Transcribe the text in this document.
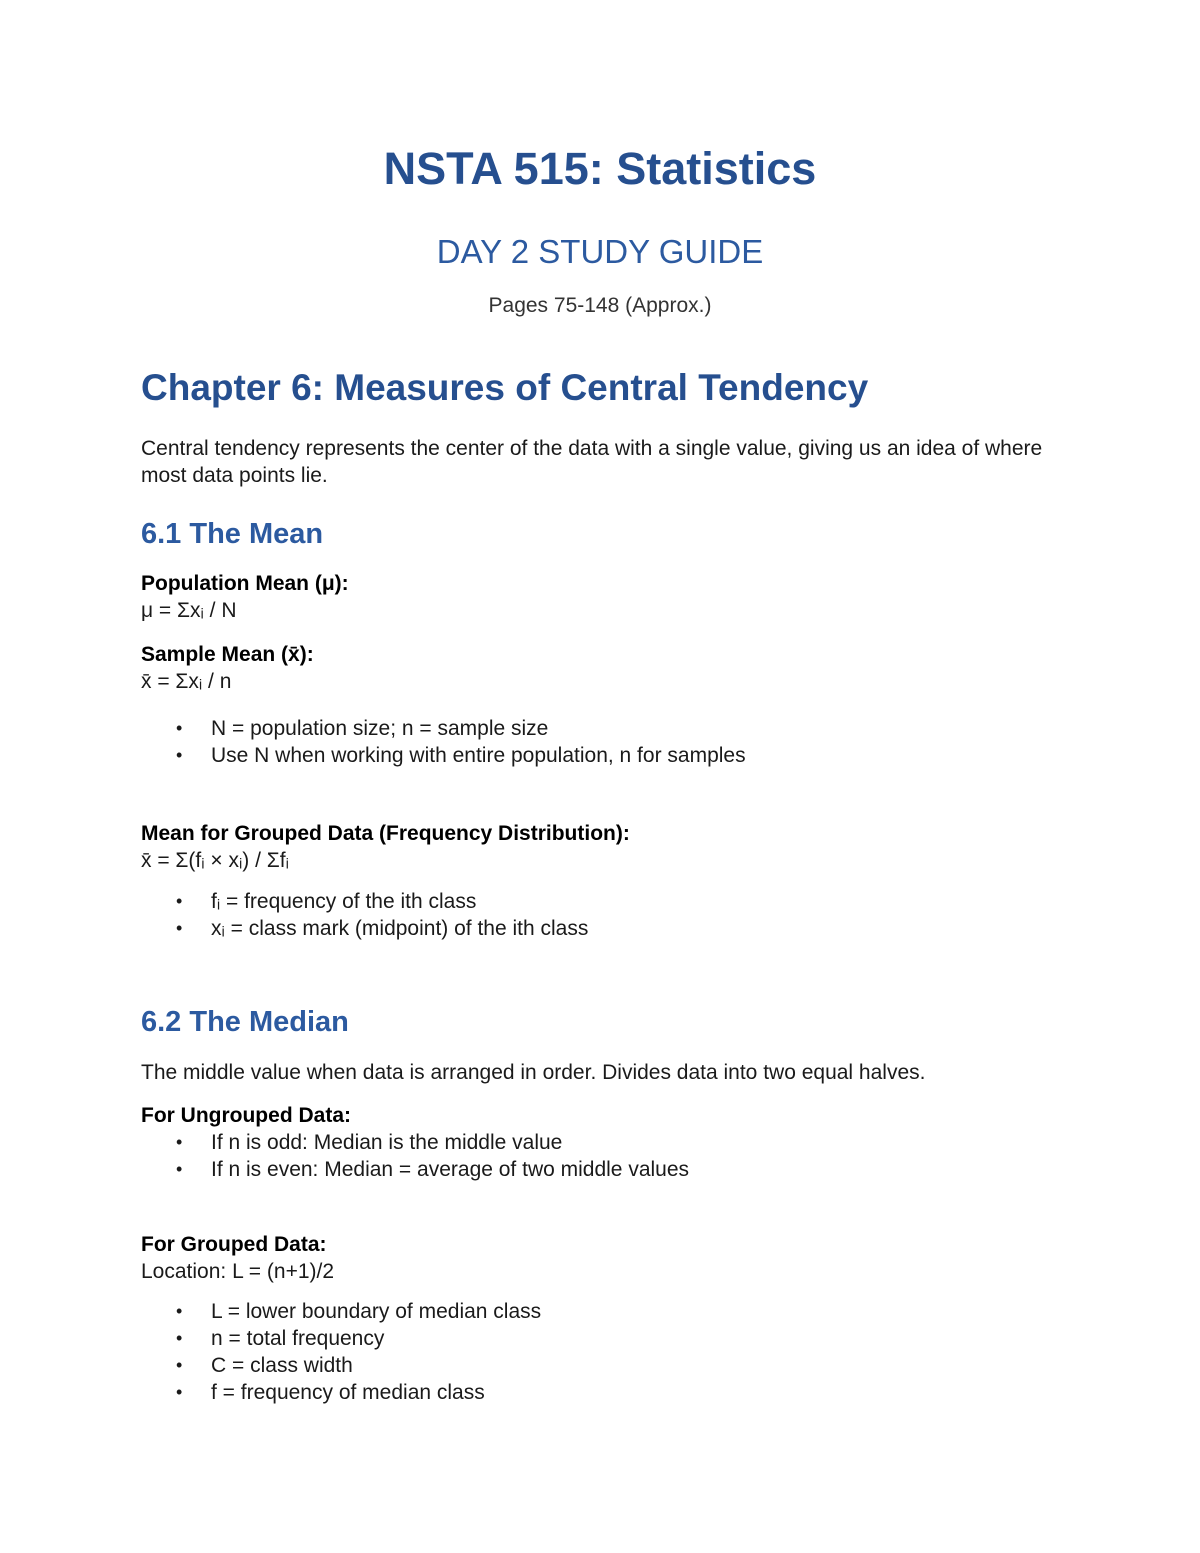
NSTA 515: Statistics
DAY 2 STUDY GUIDE
Pages 75-148 (Approx.)
Chapter 6: Measures of Central Tendency
Central tendency represents the center of the data with a single value, giving us an idea of where most data points lie.
6.1 The Mean
Population Mean (μ):
μ = Σxᵢ / N
Sample Mean (x̄):
x̄ = Σxᵢ / n
• N = population size; n = sample size
• Use N when working with entire population, n for samples
Mean for Grouped Data (Frequency Distribution):
x̄ = Σ(fᵢ × xᵢ) / Σfᵢ
• fᵢ = frequency of the ith class
• xᵢ = class mark (midpoint) of the ith class
6.2 The Median
The middle value when data is arranged in order. Divides data into two equal halves.
For Ungrouped Data:
• If n is odd: Median is the middle value
• If n is even: Median = average of two middle values
For Grouped Data:
Location: L = (n+1)/2
• L = lower boundary of median class
• n = total frequency
• C = class width
• f = frequency of median class
